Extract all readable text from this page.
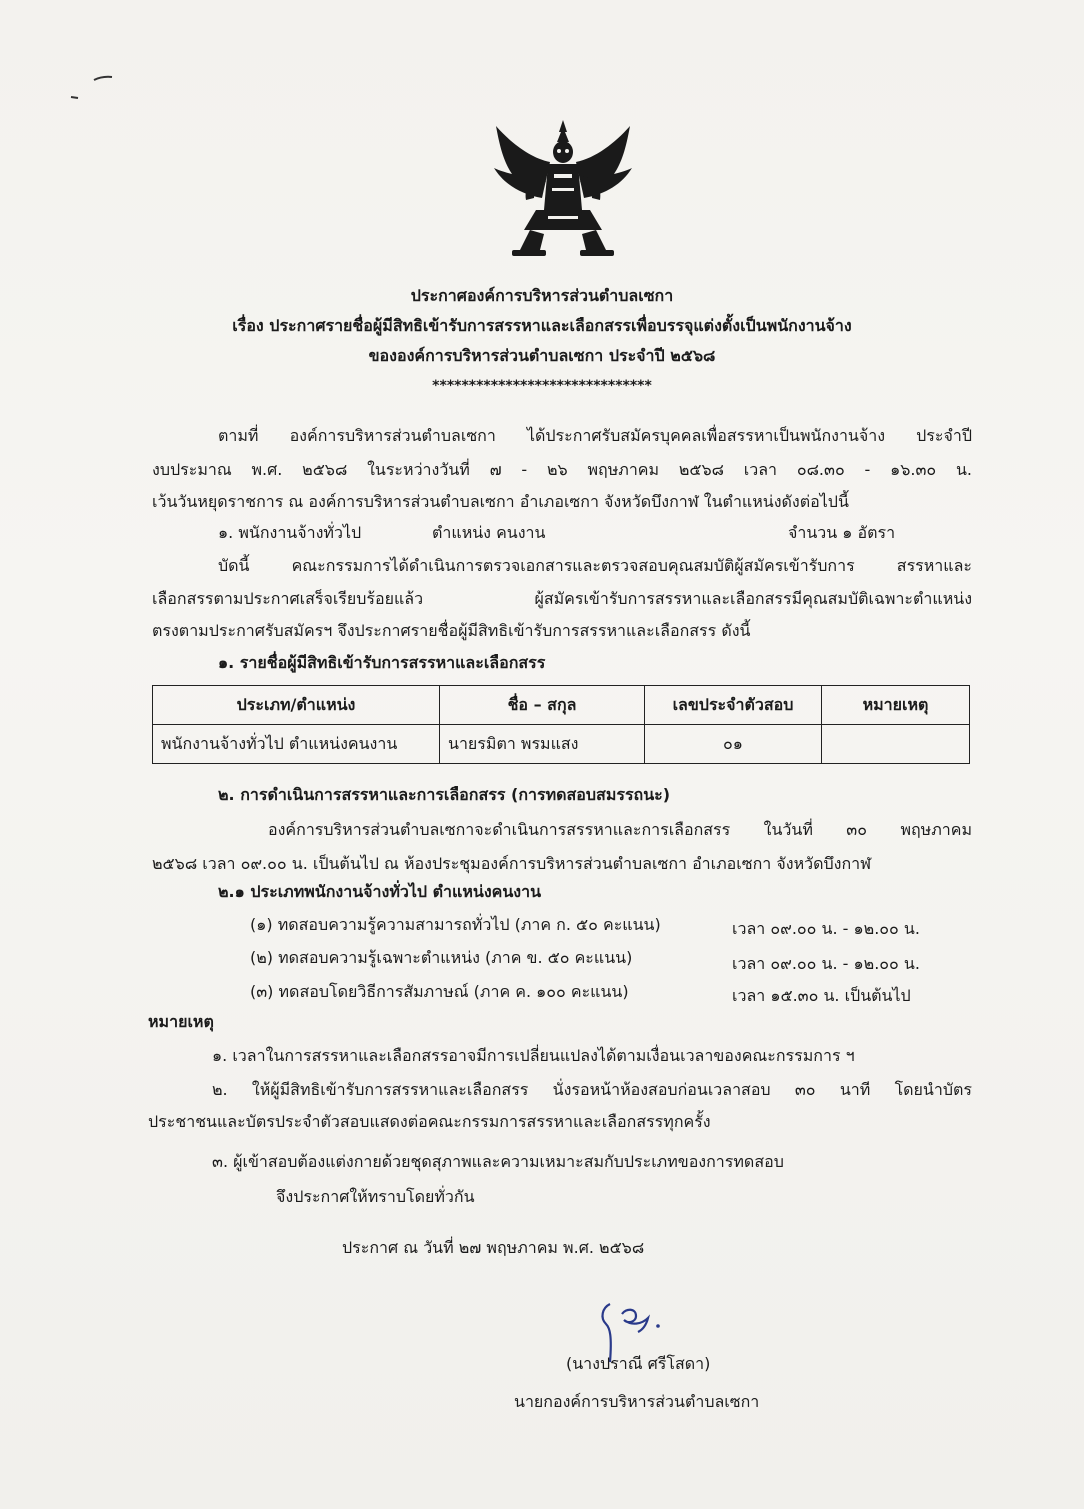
ประกาศองค์การบริหารส่วนตำบลเซกา
เรื่อง ประกาศรายชื่อผู้มีสิทธิเข้ารับการสรรหาและเลือกสรรเพื่อบรรจุแต่งตั้งเป็นพนักงานจ้าง
ขององค์การบริหารส่วนตำบลเซกา ประจำปี ๒๕๖๘
******************************
ตามที่ องค์การบริหารส่วนตำบลเซกา ได้ประกาศรับสมัครบุคคลเพื่อสรรหาเป็นพนักงานจ้าง ประจำปี
งบประมาณ พ.ศ. ๒๕๖๘ ในระหว่างวันที่ ๗ - ๒๖ พฤษภาคม ๒๕๖๘ เวลา ๐๘.๓๐ - ๑๖.๓๐ น.
เว้นวันหยุดราชการ ณ องค์การบริหารส่วนตำบลเซกา อำเภอเซกา จังหวัดบึงกาฬ ในตำแหน่งดังต่อไปนี้
๑. พนักงานจ้างทั่วไป	ตำแหน่ง คนงาน	จำนวน ๑ อัตรา
บัดนี้ คณะกรรมการได้ดำเนินการตรวจเอกสารและตรวจสอบคุณสมบัติผู้สมัครเข้ารับการ สรรหาและ
เลือกสรรตามประกาศเสร็จเรียบร้อยแล้ว ผู้สมัครเข้ารับการสรรหาและเลือกสรรมีคุณสมบัติเฉพาะตำแหน่ง
ตรงตามประกาศรับสมัครฯ จึงประกาศรายชื่อผู้มีสิทธิเข้ารับการสรรหาและเลือกสรร ดังนี้
๑. รายชื่อผู้มีสิทธิเข้ารับการสรรหาและเลือกสรร
ประเภท/ตำแหน่ง	ชื่อ – สกุล	เลขประจำตัวสอบ	หมายเหตุ
พนักงานจ้างทั่วไป ตำแหน่งคนงาน	นายรมิตา พรมแสง	๐๑	
๒. การดำเนินการสรรหาและการเลือกสรร (การทดสอบสมรรถนะ)
องค์การบริหารส่วนตำบลเซกาจะดำเนินการสรรหาและการเลือกสรร ในวันที่ ๓๐ พฤษภาคม
๒๕๖๘ เวลา ๐๙.๐๐ น. เป็นต้นไป ณ ห้องประชุมองค์การบริหารส่วนตำบลเซกา อำเภอเซกา จังหวัดบึงกาฬ
๒.๑ ประเภทพนักงานจ้างทั่วไป ตำแหน่งคนงาน
(๑) ทดสอบความรู้ความสามารถทั่วไป (ภาค ก. ๕๐ คะแนน)	เวลา ๐๙.๐๐ น. - ๑๒.๐๐ น.
(๒) ทดสอบความรู้เฉพาะตำแหน่ง (ภาค ข. ๕๐ คะแนน)	เวลา ๐๙.๐๐ น. - ๑๒.๐๐ น.
(๓) ทดสอบโดยวิธีการสัมภาษณ์ (ภาค ค. ๑๐๐ คะแนน)	เวลา ๑๕.๓๐ น. เป็นต้นไป
หมายเหตุ
๑. เวลาในการสรรหาและเลือกสรรอาจมีการเปลี่ยนแปลงได้ตามเงื่อนเวลาของคณะกรรมการ ฯ
๒. ให้ผู้มีสิทธิเข้ารับการสรรหาและเลือกสรร นั่งรอหน้าห้องสอบก่อนเวลาสอบ ๓๐ นาที โดยนำบัตร
ประชาชนและบัตรประจำตัวสอบแสดงต่อคณะกรรมการสรรหาและเลือกสรรทุกครั้ง
๓. ผู้เข้าสอบต้องแต่งกายด้วยชุดสุภาพและความเหมาะสมกับประเภทของการทดสอบ
จึงประกาศให้ทราบโดยทั่วกัน
ประกาศ ณ วันที่ ๒๗ พฤษภาคม พ.ศ. ๒๕๖๘
(นางปราณี ศรีโสดา)
นายกองค์การบริหารส่วนตำบลเซกา
